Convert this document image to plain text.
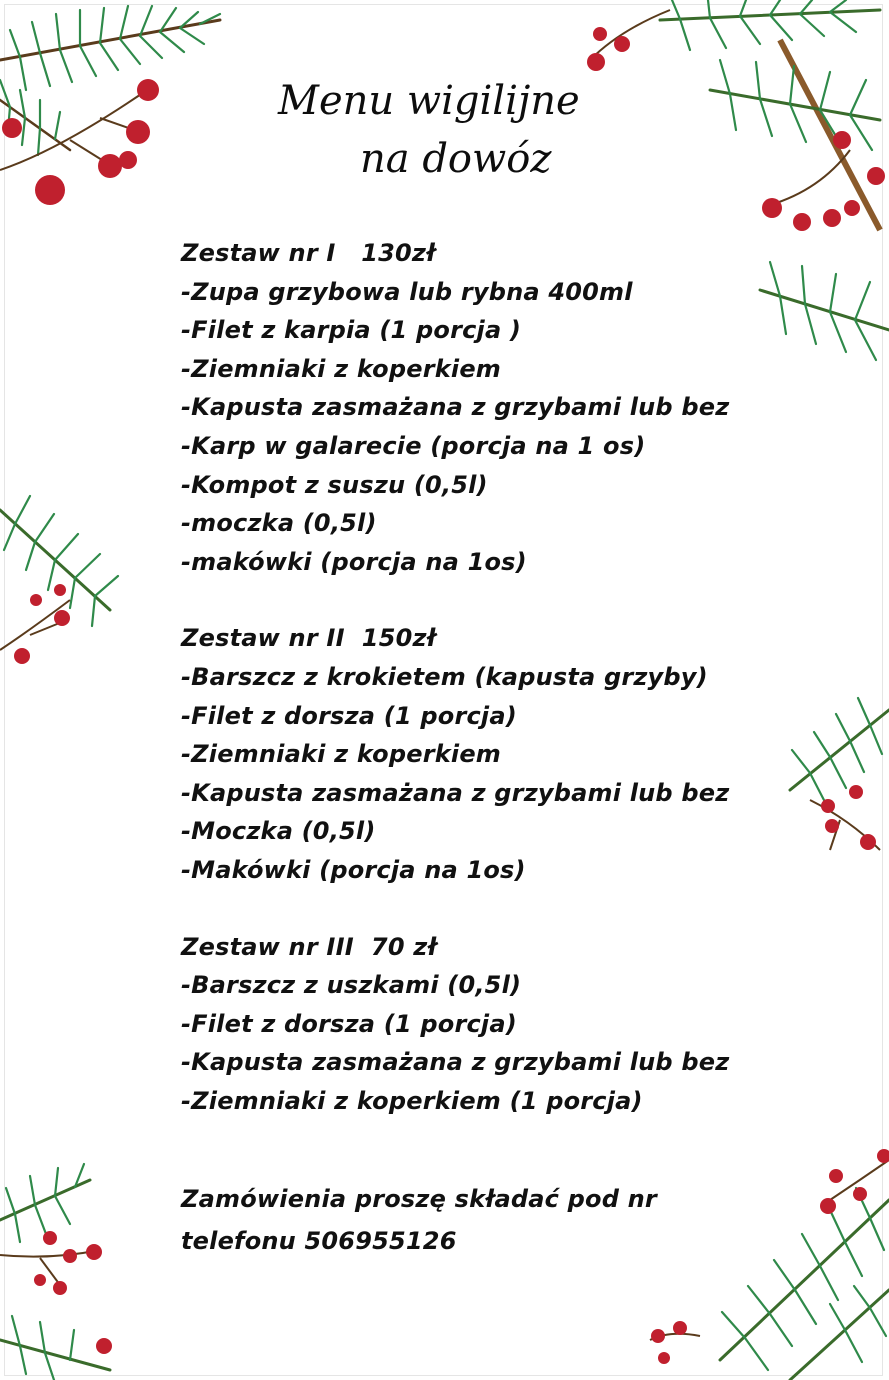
Menu wigilijne
na dowóz
Zestaw nr I   130zł
-Zupa grzybowa lub rybna 400ml
-Filet z karpia (1 porcja )
-Ziemniaki z koperkiem
-Kapusta zasmażana z grzybami lub bez
-Karp w galarecie (porcja na 1 os)
-Kompot z suszu (0,5l)
-moczka (0,5l)
-makówki (porcja na 1os)
Zestaw nr II  150zł
-Barszcz z krokietem (kapusta grzyby)
-Filet z dorsza (1 porcja)
-Ziemniaki z koperkiem
-Kapusta zasmażana z grzybami lub bez
-Moczka (0,5l)
-Makówki (porcja na 1os)
Zestaw nr III  70 zł
-Barszcz z uszkami (0,5l)
-Filet z dorsza (1 porcja)
-Kapusta zasmażana z grzybami lub bez
-Ziemniaki z koperkiem (1 porcja)
Zamówienia proszę składać pod nr
telefonu 506955126
